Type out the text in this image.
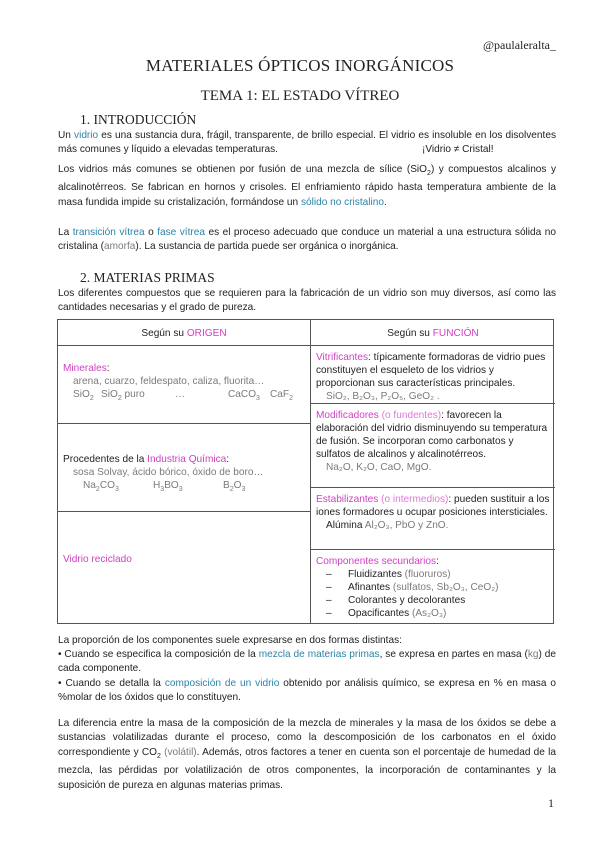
@paulaleralta_
MATERIALES ÓPTICOS INORGÁNICOS
TEMA 1: EL ESTADO VÍTREO
1. INTRODUCCIÓN
Un vidrio es una sustancia dura, frágil, transparente, de brillo especial. El vidrio es insoluble en los disolventes más comunes y líquido a elevadas temperaturas.	¡Vidrio ≠ Cristal!
Los vidrios más comunes se obtienen por fusión de una mezcla de sílice (SiO$_2$) y compuestos alcalinos y alcalinotérreos. Se fabrican en hornos y crisoles. El enfriamiento rápido hasta temperatura ambiente de la masa fundida impide su cristalización, formándose un sólido no cristalino.
La transición vítrea o fase vítrea es el proceso adecuado que conduce un material a una estructura sólida no cristalina (amorfa). La sustancia de partida puede ser orgánica o inorgánica.
2. MATERIAS PRIMAS
Los diferentes compuestos que se requieren para la fabricación de un vidrio son muy diversos, así como las cantidades necesarias y el grado de pureza.
Según su ORIGEN	Según su FUNCIÓN
Minerales:
arena, cuarzo, feldespato, caliza, fluorita…
SiO$_2$ SiO$_2$ puro	…	CaCO$_3$ CaF$_2$
Procedentes de la Industria Química:
sosa Solvay, ácido bórico, óxido de boro…
$Na_2CO_3$	$H_3BO_3$	$B_2O_3$
Vidrio reciclado
Vitrificantes: típicamente formadoras de vidrio pues constituyen el esqueleto de los vidrios y proporcionan sus características principales.
SiO₂, B₂O₃, P₂O₅, GeO₂ .
Modificadores (o fundentes): favorecen la elaboración del vidrio disminuyendo su temperatura de fusión. Se incorporan como carbonatos y sulfatos de alcalinos y alcalinotérreos.
Na₂O, K₂O, CaO, MgO.
Estabilizantes (o intermedios): pueden sustituir a los iones formadores u ocupar posiciones intersticiales.
Alúmina Al₂O₃, PbO y ZnO.
Componentes secundarios:
– Fluidizantes (fluoruros)
– Afinantes (sulfatos, Sb₂O₃, CeO₂)
– Colorantes y decolorantes
– Opacificantes (As₂O₃)
La proporción de los componentes suele expresarse en dos formas distintas:
• Cuando se especifica la composición de la mezcla de materias primas, se expresa en partes en masa (kg) de cada componente.
• Cuando se detalla la composición de un vidrio obtenido por análisis químico, se expresa en % en masa o %molar de los óxidos que lo constituyen.
La diferencia entre la masa de la composición de la mezcla de minerales y la masa de los óxidos se debe a sustancias volatilizadas durante el proceso, como la descomposición de los carbonatos en el óxido correspondiente y $CO_2$ (volátil). Además, otros factores a tener en cuenta son el porcentaje de humedad de la mezcla, las pérdidas por volatilización de otros componentes, la incorporación de contaminantes y la suposición de pureza en algunas materias primas.
1
